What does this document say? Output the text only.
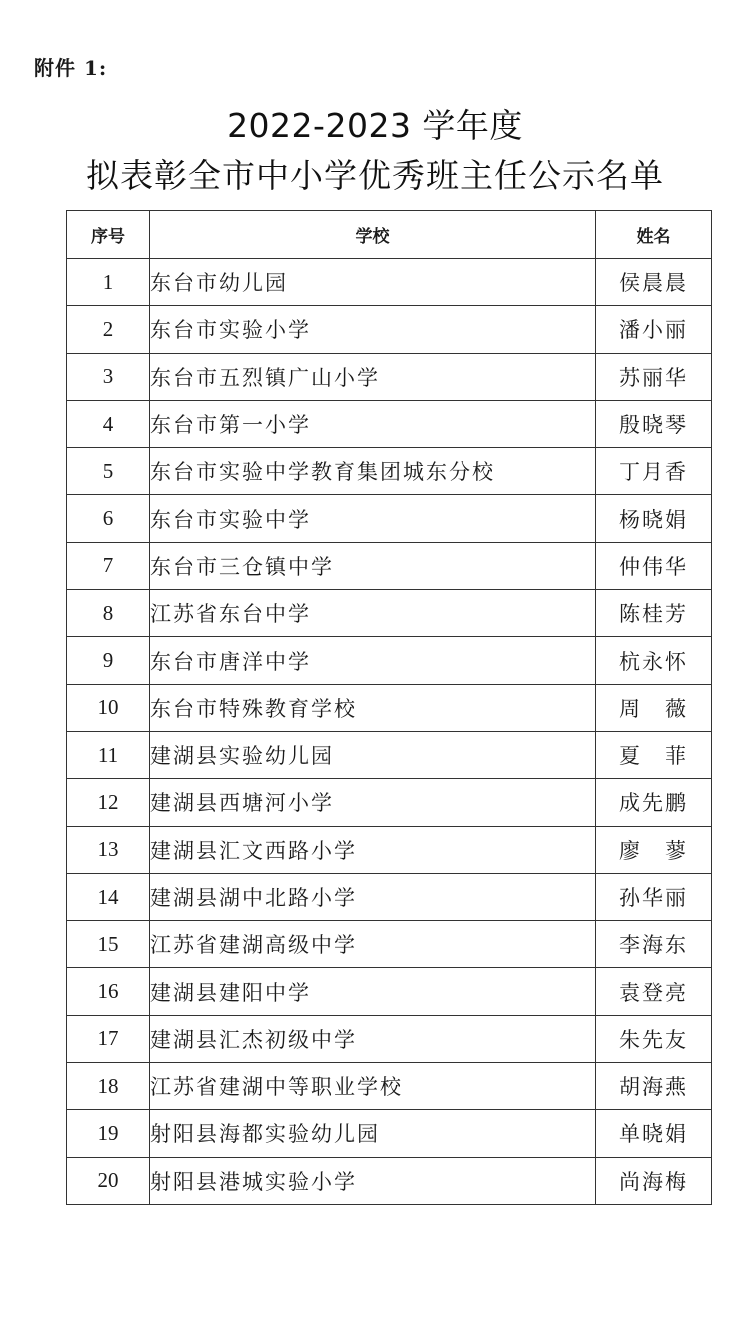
附件 1:
2022-2023 学年度
拟表彰全市中小学优秀班主任公示名单
序号	学校	姓名
1	东台市幼儿园	侯晨晨
2	东台市实验小学	潘小丽
3	东台市五烈镇广山小学	苏丽华
4	东台市第一小学	殷晓琴
5	东台市实验中学教育集团城东分校	丁月香
6	东台市实验中学	杨晓娟
7	东台市三仓镇中学	仲伟华
8	江苏省东台中学	陈桂芳
9	东台市唐洋中学	杭永怀
10	东台市特殊教育学校	周　薇
11	建湖县实验幼儿园	夏　菲
12	建湖县西塘河小学	成先鹏
13	建湖县汇文西路小学	廖　蓼
14	建湖县湖中北路小学	孙华丽
15	江苏省建湖高级中学	李海东
16	建湖县建阳中学	袁登亮
17	建湖县汇杰初级中学	朱先友
18	江苏省建湖中等职业学校	胡海燕
19	射阳县海都实验幼儿园	单晓娟
20	射阳县港城实验小学	尚海梅
